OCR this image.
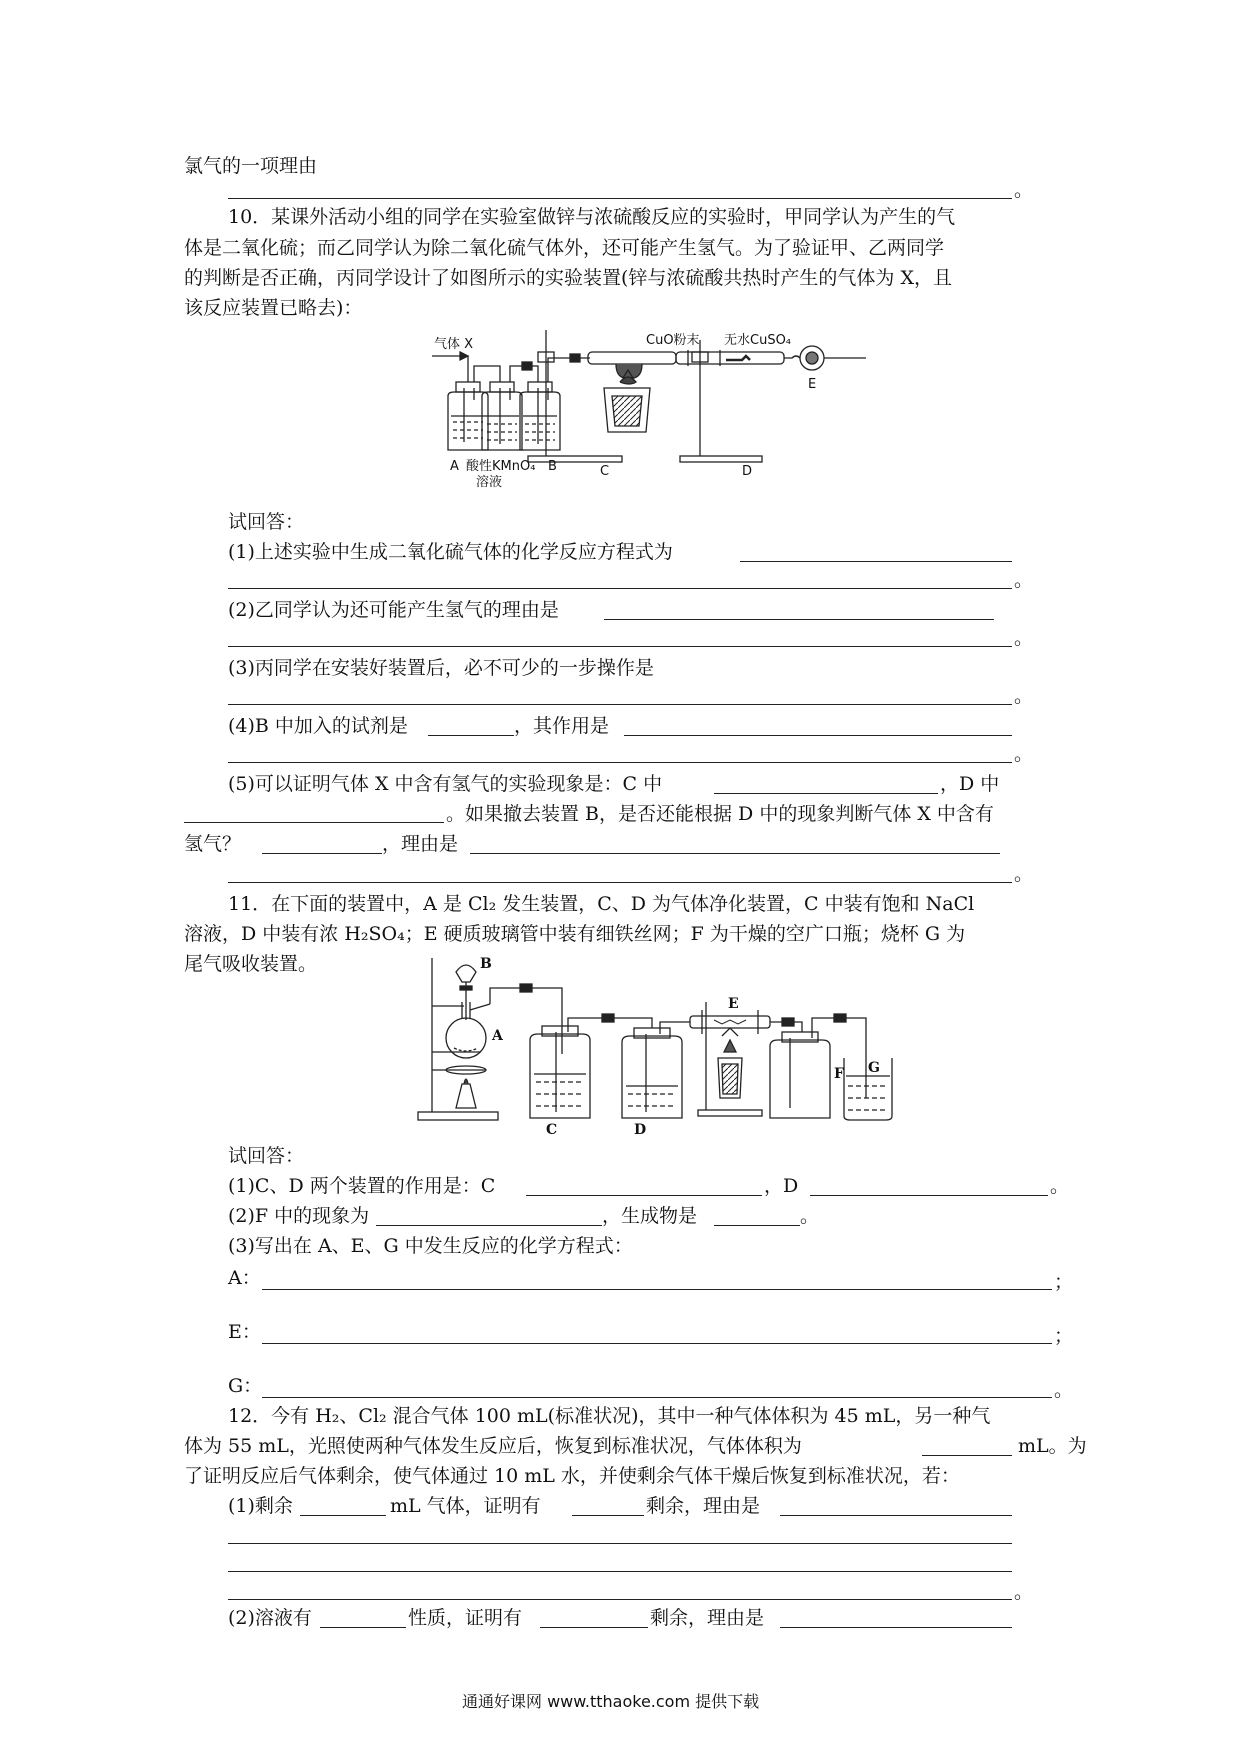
氯气的一项理由
。
10．某课外活动小组的同学在实验室做锌与浓硫酸反应的实验时，甲同学认为产生的气
体是二氧化硫；而乙同学认为除二氧化硫气体外，还可能产生氢气。为了验证甲、乙两同学
的判断是否正确，丙同学设计了如图所示的实验装置(锌与浓硫酸共热时产生的气体为 X，且
该反应装置已略去)：
气体 X	CuO粉末 无水CuSO₄
A 酸性KMnO₄ B
溶液
C	D
E
试回答：
(1)上述实验中生成二氧化硫气体的化学反应方程式为
。
(2)乙同学认为还可能产生氢气的理由是
。
(3)丙同学在安装好装置后，必不可少的一步操作是
。
(4)B 中加入的试剂是	，其作用是
。
(5)可以证明气体 X 中含有氢气的实验现象是：C 中	，D 中
。如果撤去装置 B，是否还能根据 D 中的现象判断气体 X 中含有
氢气？	，理由是
。
11．在下面的装置中，A 是 Cl₂ 发生装置，C、D 为气体净化装置，C 中装有饱和 NaCl
溶液，D 中装有浓 H₂SO₄；E 硬质玻璃管中装有细铁丝网；F 为干燥的空广口瓶；烧杯 G 为
尾气吸收装置。	B
A
C	D
E
F G
试回答：
(1)C、D 两个装置的作用是：C	，D	。
(2)F 中的现象为	，生成物是	。
(3)写出在 A、E、G 中发生反应的化学方程式：
A：	；
E：	；
G：	。
12．今有 H₂、Cl₂ 混合气体 100 mL(标准状况)，其中一种气体体积为 45 mL，另一种气
体为 55 mL，光照使两种气体发生反应后，恢复到标准状况，气体体积为	mL。为
了证明反应后气体剩余，使气体通过 10 mL 水，并使剩余气体干燥后恢复到标准状况，若：
(1)剩余	mL 气体，证明有	剩余，理由是
。
(2)溶液有	性质，证明有	剩余，理由是
通通好课网 www.tthaoke.com 提供下载
